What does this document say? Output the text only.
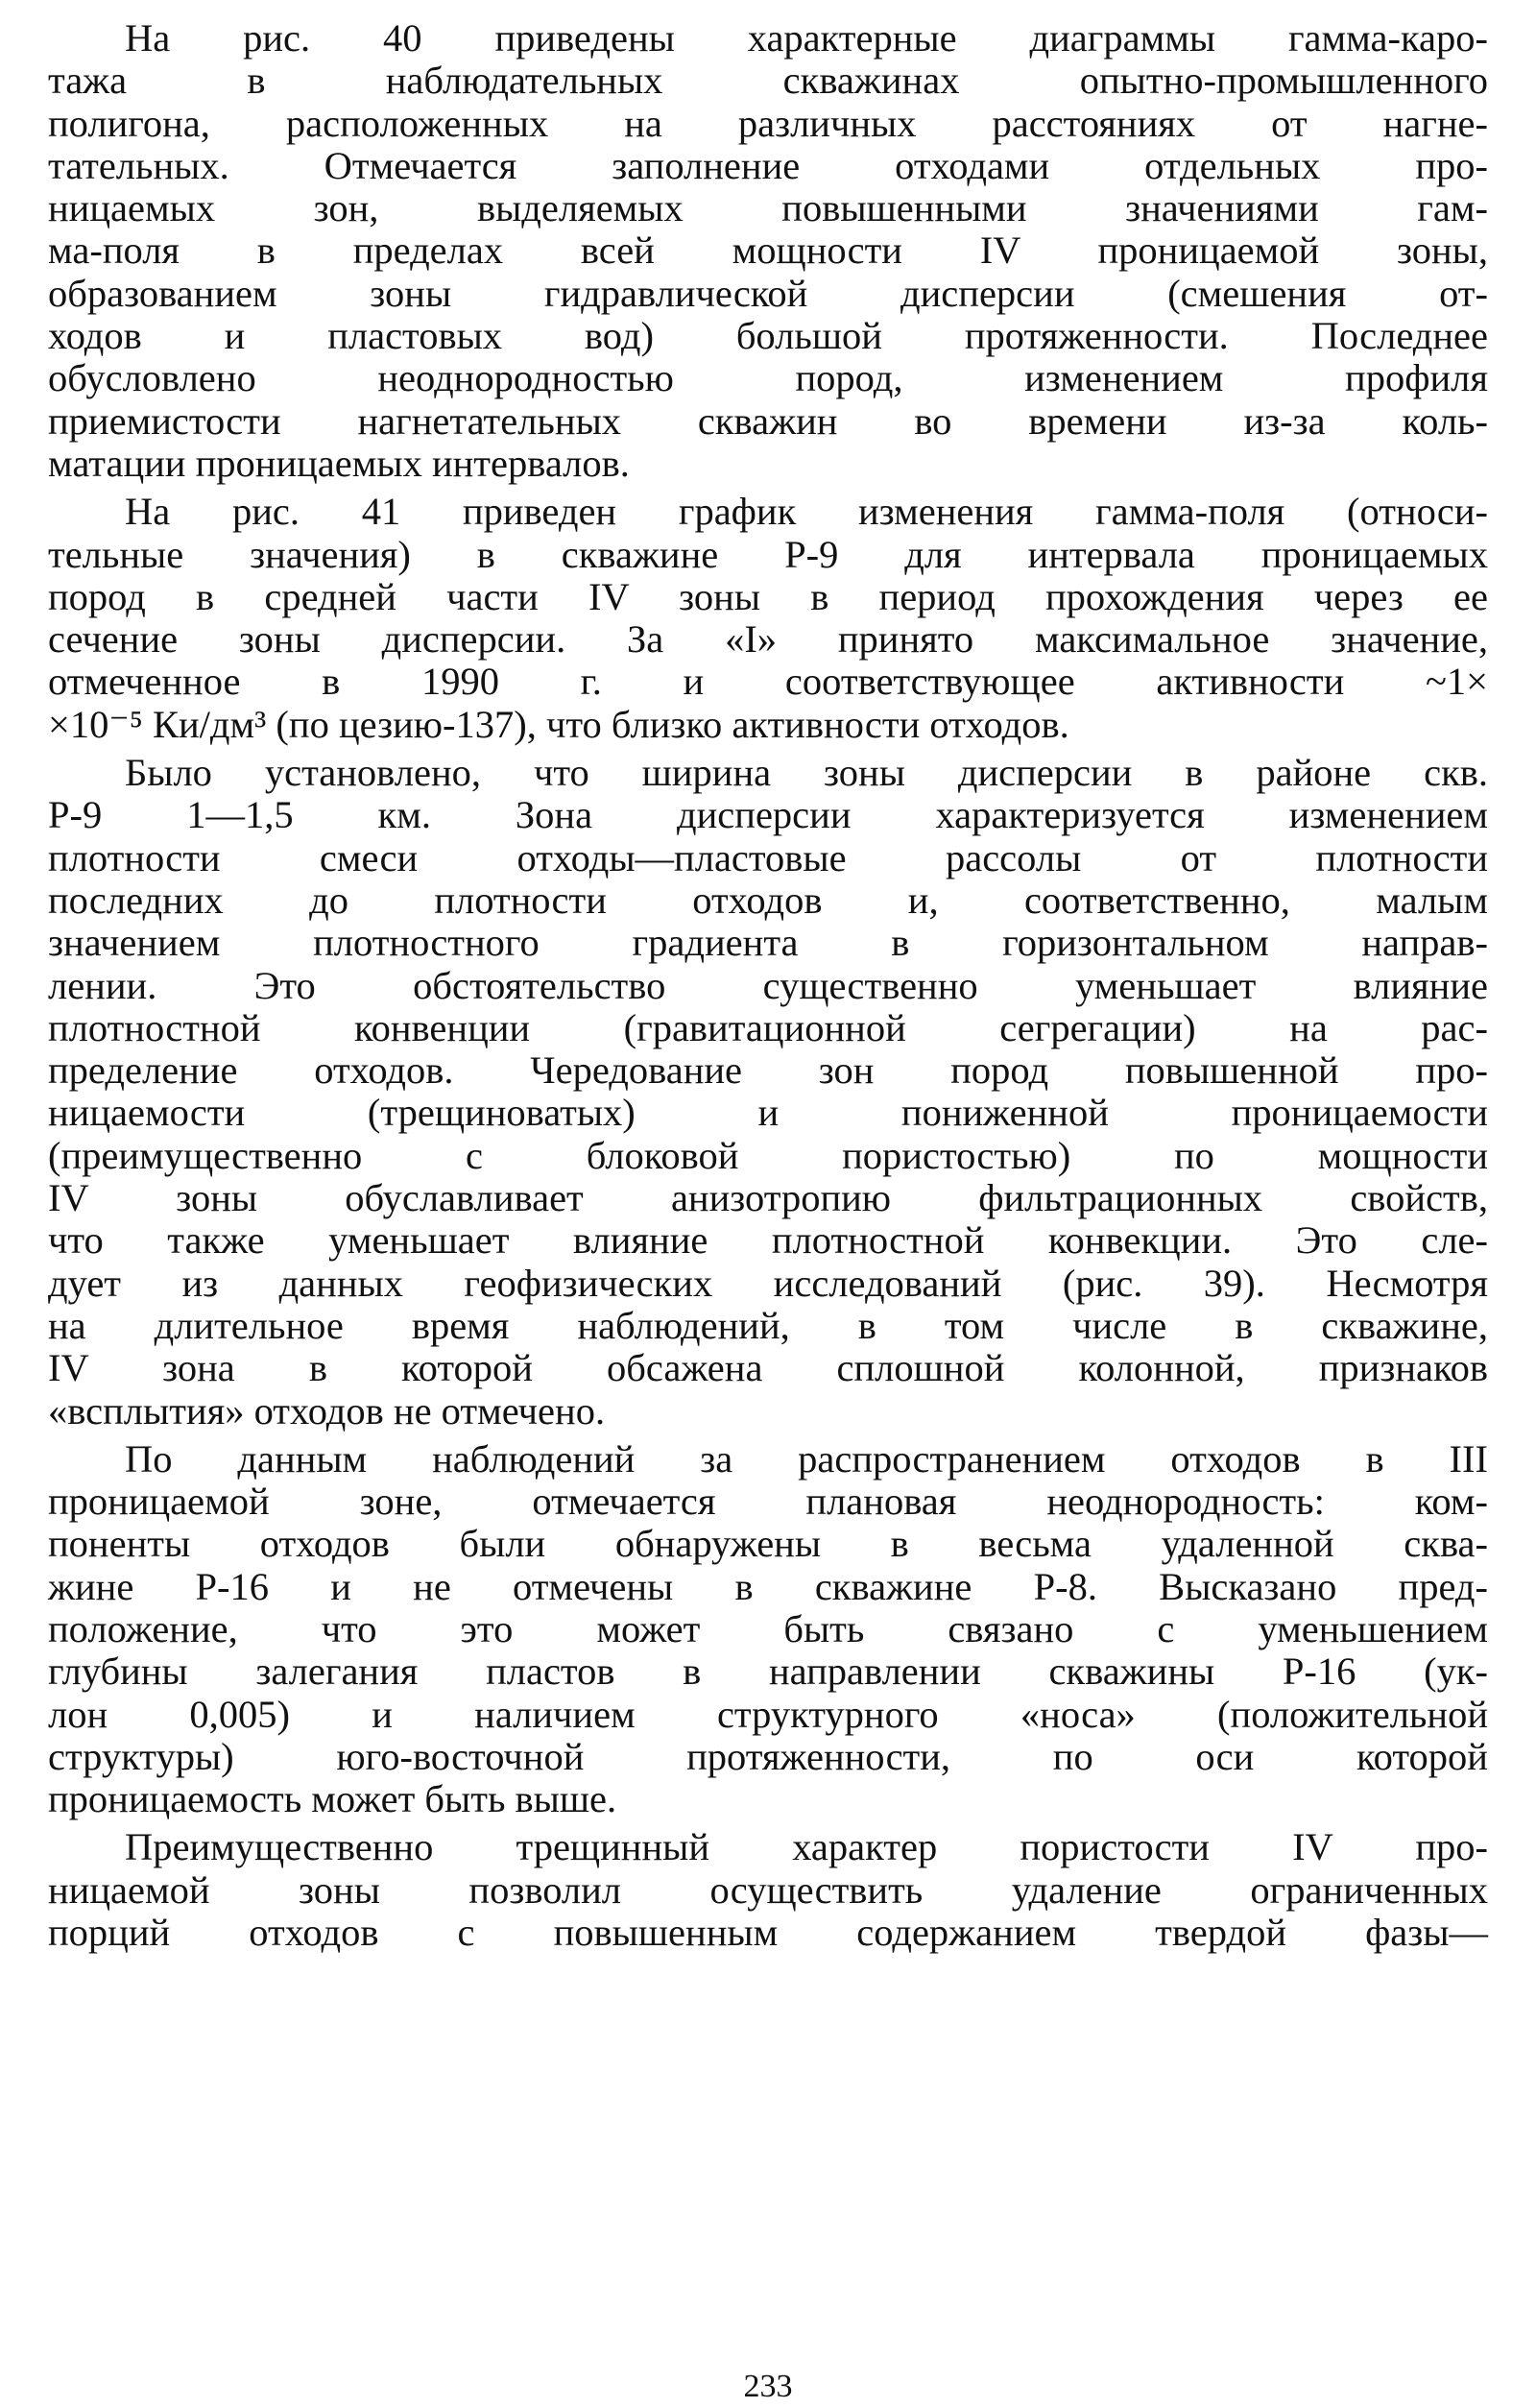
На рис. 40 приведены характерные диаграммы гамма-каро-
тажа в наблюдательных скважинах опытно-промышленного
полигона, расположенных на различных расстояниях от нагне-
тательных. Отмечается заполнение отходами отдельных про-
ницаемых зон, выделяемых повышенными значениями гам-
ма-поля в пределах всей мощности IV проницаемой зоны,
образованием зоны гидравлической дисперсии (смешения от-
ходов и пластовых вод) большой протяженности. Последнее
обусловлено неоднородностью пород, изменением профиля
приемистости нагнетательных скважин во времени из-за коль-
матации проницаемых интервалов.

На рис. 41 приведен график изменения гамма-поля (относи-
тельные значения) в скважине Р-9 для интервала проницаемых
пород в средней части IV зоны в период прохождения через ее
сечение зоны дисперсии. За «I» принято максимальное значение,
отмеченное в 1990 г. и соответствующее активности ~1×
×10⁻⁵ Ки/дм³ (по цезию-137), что близко активности отходов.

Было установлено, что ширина зоны дисперсии в районе скв.
Р-9 1—1,5 км. Зона дисперсии характеризуется изменением
плотности смеси отходы—пластовые рассолы от плотности
последних до плотности отходов и, соответственно, малым
значением плотностного градиента в горизонтальном направ-
лении. Это обстоятельство существенно уменьшает влияние
плотностной конвенции (гравитационной сегрегации) на рас-
пределение отходов. Чередование зон пород повышенной про-
ницаемости (трещиноватых) и пониженной проницаемости
(преимущественно с блоковой пористостью) по мощности
IV зоны обуславливает анизотропию фильтрационных свойств,
что также уменьшает влияние плотностной конвекции. Это сле-
дует из данных геофизических исследований (рис. 39). Несмотря
на длительное время наблюдений, в том числе в скважине,
IV зона в которой обсажена сплошной колонной, признаков
«всплытия» отходов не отмечено.

По данным наблюдений за распространением отходов в III
проницаемой зоне, отмечается плановая неоднородность: ком-
поненты отходов были обнаружены в весьма удаленной сква-
жине Р-16 и не отмечены в скважине Р-8. Высказано пред-
положение, что это может быть связано с уменьшением
глубины залегания пластов в направлении скважины Р-16 (ук-
лон 0,005) и наличием структурного «носа» (положительной
структуры) юго-восточной протяженности, по оси которой
проницаемость может быть выше.

Преимущественно трещинный характер пористости IV про-
ницаемой зоны позволил осуществить удаление ограниченных
порций отходов с повышенным содержанием твердой фазы—

233
